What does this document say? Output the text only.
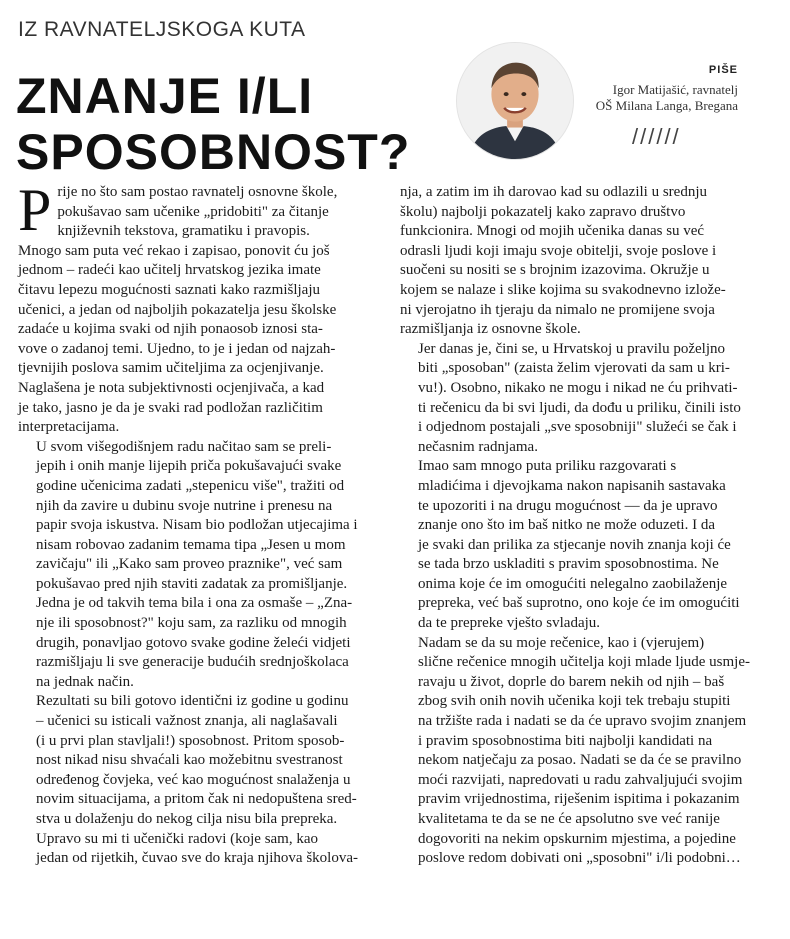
IZ RAVNATELJSKOGA KUTA
ZNANJE I/LI
SPOSOBNOST?
PIŠE
Igor Matijašić, ravnatelj
OŠ Milana Langa, Bregana
//////

P rije no što sam postao ravnatelj osnovne škole,
pokušavao sam učenike „pridobiti" za čitanje
književnih tekstova, gramatiku i pravopis.
Mnogo sam puta već rekao i zapisao, ponovit ću još
jednom – radeći kao učitelj hrvatskog jezika imate
čitavu lepezu mogućnosti saznati kako razmišljaju
učenici, a jedan od najboljih pokazatelja jesu školske
zadaće u kojima svaki od njih ponaosob iznosi sta-
vove o zadanoj temi. Ujedno, to je i jedan od najzah-
tjevnijih poslova samim učiteljima za ocjenjivanje.
Naglašena je nota subjektivnosti ocjenjivača, a kad
je tako, jasno je da je svaki rad podložan različitim
interpretacijama.

U svom višegodišnjem radu načitao sam se preli-
jepih i onih manje lijepih priča pokušavajući svake
godine učenicima zadati „stepenicu više", tražiti od
njih da zavire u dubinu svoje nutrine i prenesu na
papir svoja iskustva. Nisam bio podložan utjecajima i
nisam robovao zadanim temama tipa „Jesen u mom
zavičaju" ili „Kako sam proveo praznike", već sam
pokušavao pred njih staviti zadatak za promišljanje.
Jedna je od takvih tema bila i ona za osmaše – „Zna-
nje ili sposobnost?" koju sam, za razliku od mnogih
drugih, ponavljao gotovo svake godine želeći vidjeti
razmišljaju li sve generacije budućih srednjoškolaca
na jednak način.

Rezultati su bili gotovo identični iz godine u godinu
– učenici su isticali važnost znanja, ali naglašavali
(i u prvi plan stavljali!) sposobnost. Pritom sposob-
nost nikad nisu shvaćali kao možebitnu svestranost
određenog čovjeka, već kao mogućnost snalaženja u
novim situacijama, a pritom čak ni nedopuštena sred-
stva u dolaženju do nekog cilja nisu bila prepreka.

Upravo su mi ti učenički radovi (koje sam, kao
jedan od rijetkih, čuvao sve do kraja njihova školova-

nja, a zatim im ih darovao kad su odlazili u srednju
školu) najbolji pokazatelj kako zapravo društvo
funkcionira. Mnogi od mojih učenika danas su već
odrasli ljudi koji imaju svoje obitelji, svoje poslove i
suočeni su nositi se s brojnim izazovima. Okružje u
kojem se nalaze i slike kojima su svakodnevno izlože-
ni vjerojatno ih tjeraju da nimalo ne promijene svoja
razmišljanja iz osnovne škole.

Jer danas je, čini se, u Hrvatskoj u pravilu poželjno
biti „sposoban" (zaista želim vjerovati da sam u kri-
vu!). Osobno, nikako ne mogu i nikad ne ću prihvati-
ti rečenicu da bi svi ljudi, da dođu u priliku, činili isto
i odjednom postajali „sve sposobniji" služeći se čak i
nečasnim radnjama.

Imao sam mnogo puta priliku razgovarati s
mladićima i djevojkama nakon napisanih sastavaka
te upozoriti i na drugu mogućnost — da je upravo
znanje ono što im baš nitko ne može oduzeti. I da
je svaki dan prilika za stjecanje novih znanja koji će
se tada brzo uskladiti s pravim sposobnostima. Ne
onima koje će im omogućiti nelegalno zaobilaženje
prepreka, već baš suprotno, ono koje će im omogućiti
da te prepreke vješto svladaju.

Nadam se da su moje rečenice, kao i (vjerujem)
slične rečenice mnogih učitelja koji mlade ljude usmje-
ravaju u život, doprle do barem nekih od njih – baš
zbog svih onih novih učenika koji tek trebaju stupiti
na tržište rada i nadati se da će upravo svojim znanjem
i pravim sposobnostima biti najbolji kandidati na
nekom natječaju za posao. Nadati se da će se pravilno
moći razvijati, napredovati u radu zahvaljujući svojim
pravim vrijednostima, riješenim ispitima i pokazanim
kvalitetama te da se ne će apsolutno sve već ranije
dogovoriti na nekim opskurnim mjestima, a pojedine
poslove redom dobivati oni „sposobni" i/li podobni…
